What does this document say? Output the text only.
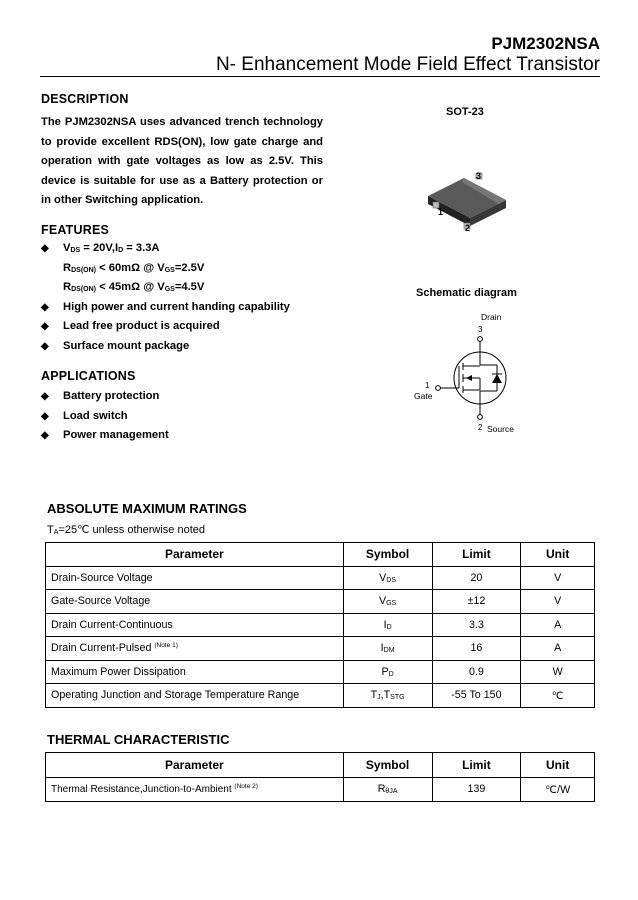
PJM2302NSA
N- Enhancement Mode Field Effect Transistor
DESCRIPTION
The PJM2302NSA uses advanced trench technology to provide excellent RDS(ON), low gate charge and operation with gate voltages as low as 2.5V. This device is suitable for use as a Battery protection or in other Switching application.
SOT-23
3
1
2
FEATURES
◆ $V_{DS} = 20V,I_D = 3.3A$
$R_{DS(ON)} < 60m\Omega$ @ $V_{GS}=2.5V$
$R_{DS(ON)} < 45m\Omega$ @ $V_{GS}=4.5V$
◆ High power and current handing capability
◆ Lead free product is acquired
◆ Surface mount package
Schematic diagram
Drain
3
1
Gate
2 Source
APPLICATIONS
◆ Battery protection
◆ Load switch
◆ Power management
ABSOLUTE MAXIMUM RATINGS
$T_A=25℃$ unless otherwise noted
Parameter	Symbol	Limit	Unit
Drain-Source Voltage	$V_{DS}$	20	V
Gate-Source Voltage	$V_{GS}$	±12	V
Drain Current-Continuous	$I_D$	3.3	A
Drain Current-Pulsed $^{(Note 1)}$	$I_{DM}$	16	A
Maximum Power Dissipation	$P_D$	0.9	W
Operating Junction and Storage Temperature Range	$T_J,T_{STG}$	-55 To 150	℃
THERMAL CHARACTERISTIC
Parameter	Symbol	Limit	Unit
Thermal Resistance,Junction-to-Ambient $^{(Note 2)}$	$R_{\theta JA}$	139	℃/W
